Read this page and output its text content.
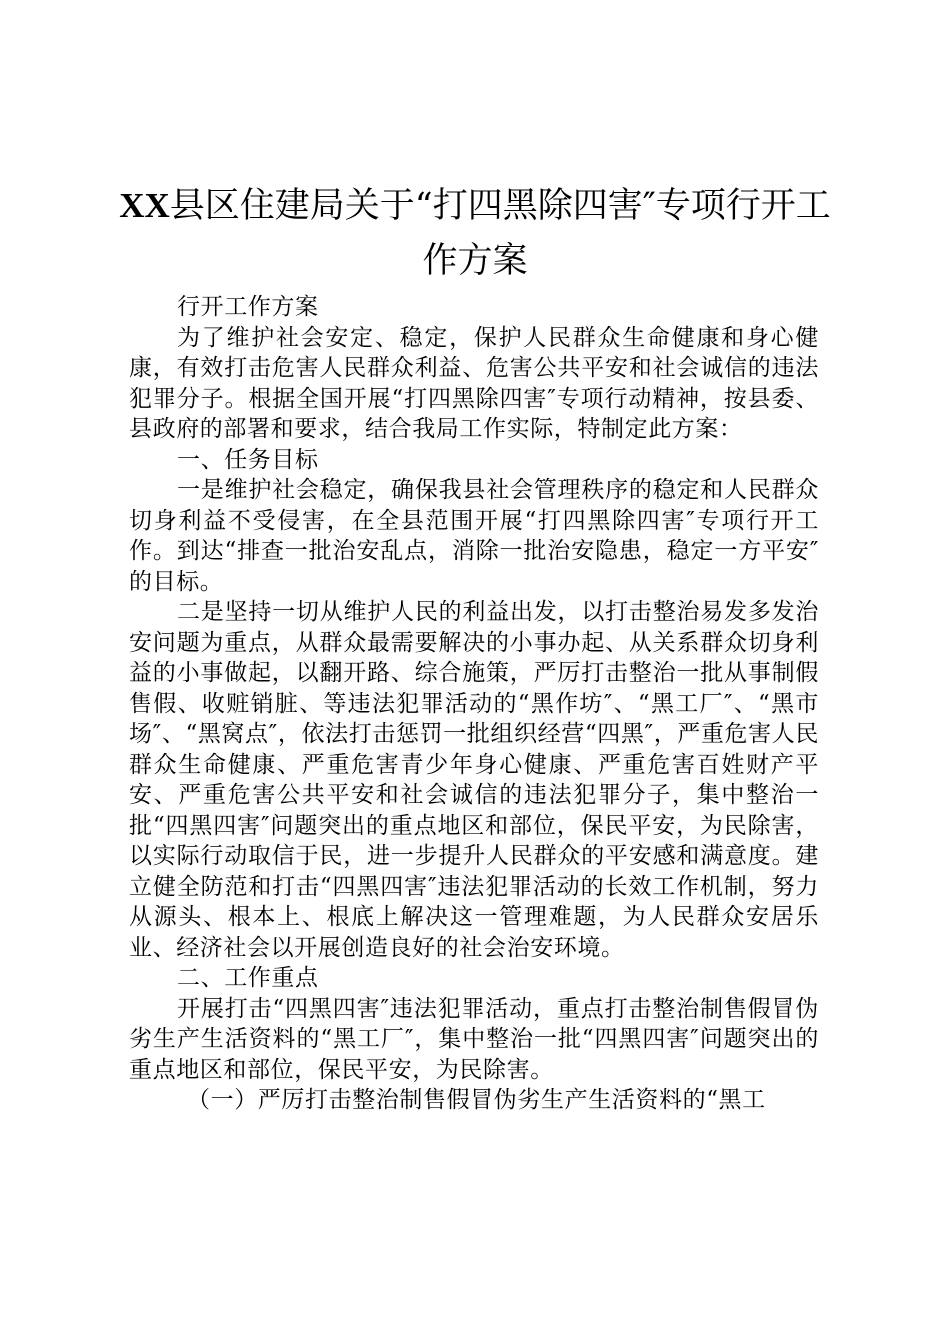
XX县区住建局关于“打四黑除四害″专项行开工作方案

行开工作方案

为了维护社会安定、稳定，保护人民群众生命健康和身心健康，有效打击危害人民群众利益、危害公共平安和社会诚信的违法犯罪分子。根据全国开展“打四黑除四害″专项行动精神，按县委、县政府的部署和要求，结合我局工作实际，特制定此方案：

一、任务目标

一是维护社会稳定，确保我县社会管理秩序的稳定和人民群众切身利益不受侵害，在全县范围开展“打四黑除四害″专项行开工作。到达“排查一批治安乱点，消除一批治安隐患，稳定一方平安″的目标。

二是坚持一切从维护人民的利益出发，以打击整治易发多发治安问题为重点，从群众最需要解决的小事办起、从关系群众切身利益的小事做起，以翻开路、综合施策，严厉打击整治一批从事制假售假、收赃销脏、等违法犯罪活动的“黑作坊″、“黑工厂″、“黑市场″、“黑窝点″，依法打击惩罚一批组织经营“四黑″，严重危害人民群众生命健康、严重危害青少年身心健康、严重危害百姓财产平安、严重危害公共平安和社会诚信的违法犯罪分子，集中整治一批“四黑四害″问题突出的重点地区和部位，保民平安，为民除害，以实际行动取信于民，进一步提升人民群众的平安感和满意度。建立健全防范和打击“四黑四害″违法犯罪活动的长效工作机制，努力从源头、根本上、根底上解决这一管理难题，为人民群众安居乐业、经济社会以开展创造良好的社会治安环境。

二、工作重点

开展打击“四黑四害″违法犯罪活动，重点打击整治制售假冒伪劣生产生活资料的“黑工厂″，集中整治一批“四黑四害″问题突出的重点地区和部位，保民平安，为民除害。

（一）严厉打击整治制售假冒伪劣生产生活资料的“黑工
